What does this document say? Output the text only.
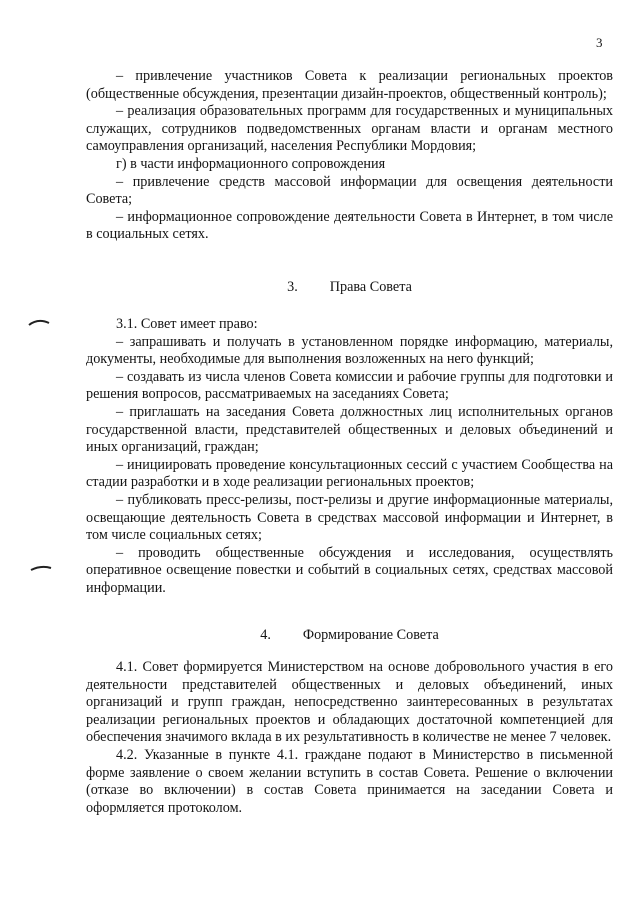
3

– привлечение участников Совета к реализации региональных проектов (общественные обсуждения, презентации дизайн-проектов, общественный контроль);

– реализация образовательных программ для государственных и муниципальных служащих, сотрудников подведомственных органам власти и органам местного самоуправления организаций, населения Республики Мордовия;

г) в части информационного сопровождения

– привлечение средств массовой информации для освещения деятельности Совета;

– информационное сопровождение деятельности Совета в Интернет, в том числе в социальных сетях.

3. Права Совета

3.1. Совет имеет право:

– запрашивать и получать в установленном порядке информацию, материалы, документы, необходимые для выполнения возложенных на него функций;

– создавать из числа членов Совета комиссии и рабочие группы для подготовки и решения вопросов, рассматриваемых на заседаниях Совета;

– приглашать на заседания Совета должностных лиц исполнительных органов государственной власти, представителей общественных и деловых объединений и иных организаций, граждан;

– инициировать проведение консультационных сессий с участием Сообщества на стадии разработки и в ходе реализации региональных проектов;

– публиковать пресс-релизы, пост-релизы и другие информационные материалы, освещающие деятельность Совета в средствах массовой информации и Интернет, в том числе социальных сетях;

– проводить общественные обсуждения и исследования, осуществлять оперативное освещение повестки и событий в социальных сетях, средствах массовой информации.

4. Формирование Совета

4.1. Совет формируется Министерством на основе добровольного участия в его деятельности представителей общественных и деловых объединений, иных организаций и групп граждан, непосредственно заинтересованных в результатах реализации региональных проектов и обладающих достаточной компетенцией для обеспечения значимого вклада в их результативность в количестве не менее 7 человек.

4.2. Указанные в пункте 4.1. граждане подают в Министерство в письменной форме заявление о своем желании вступить в состав Совета. Решение о включении (отказе во включении) в состав Совета принимается на заседании Совета и оформляется протоколом.
